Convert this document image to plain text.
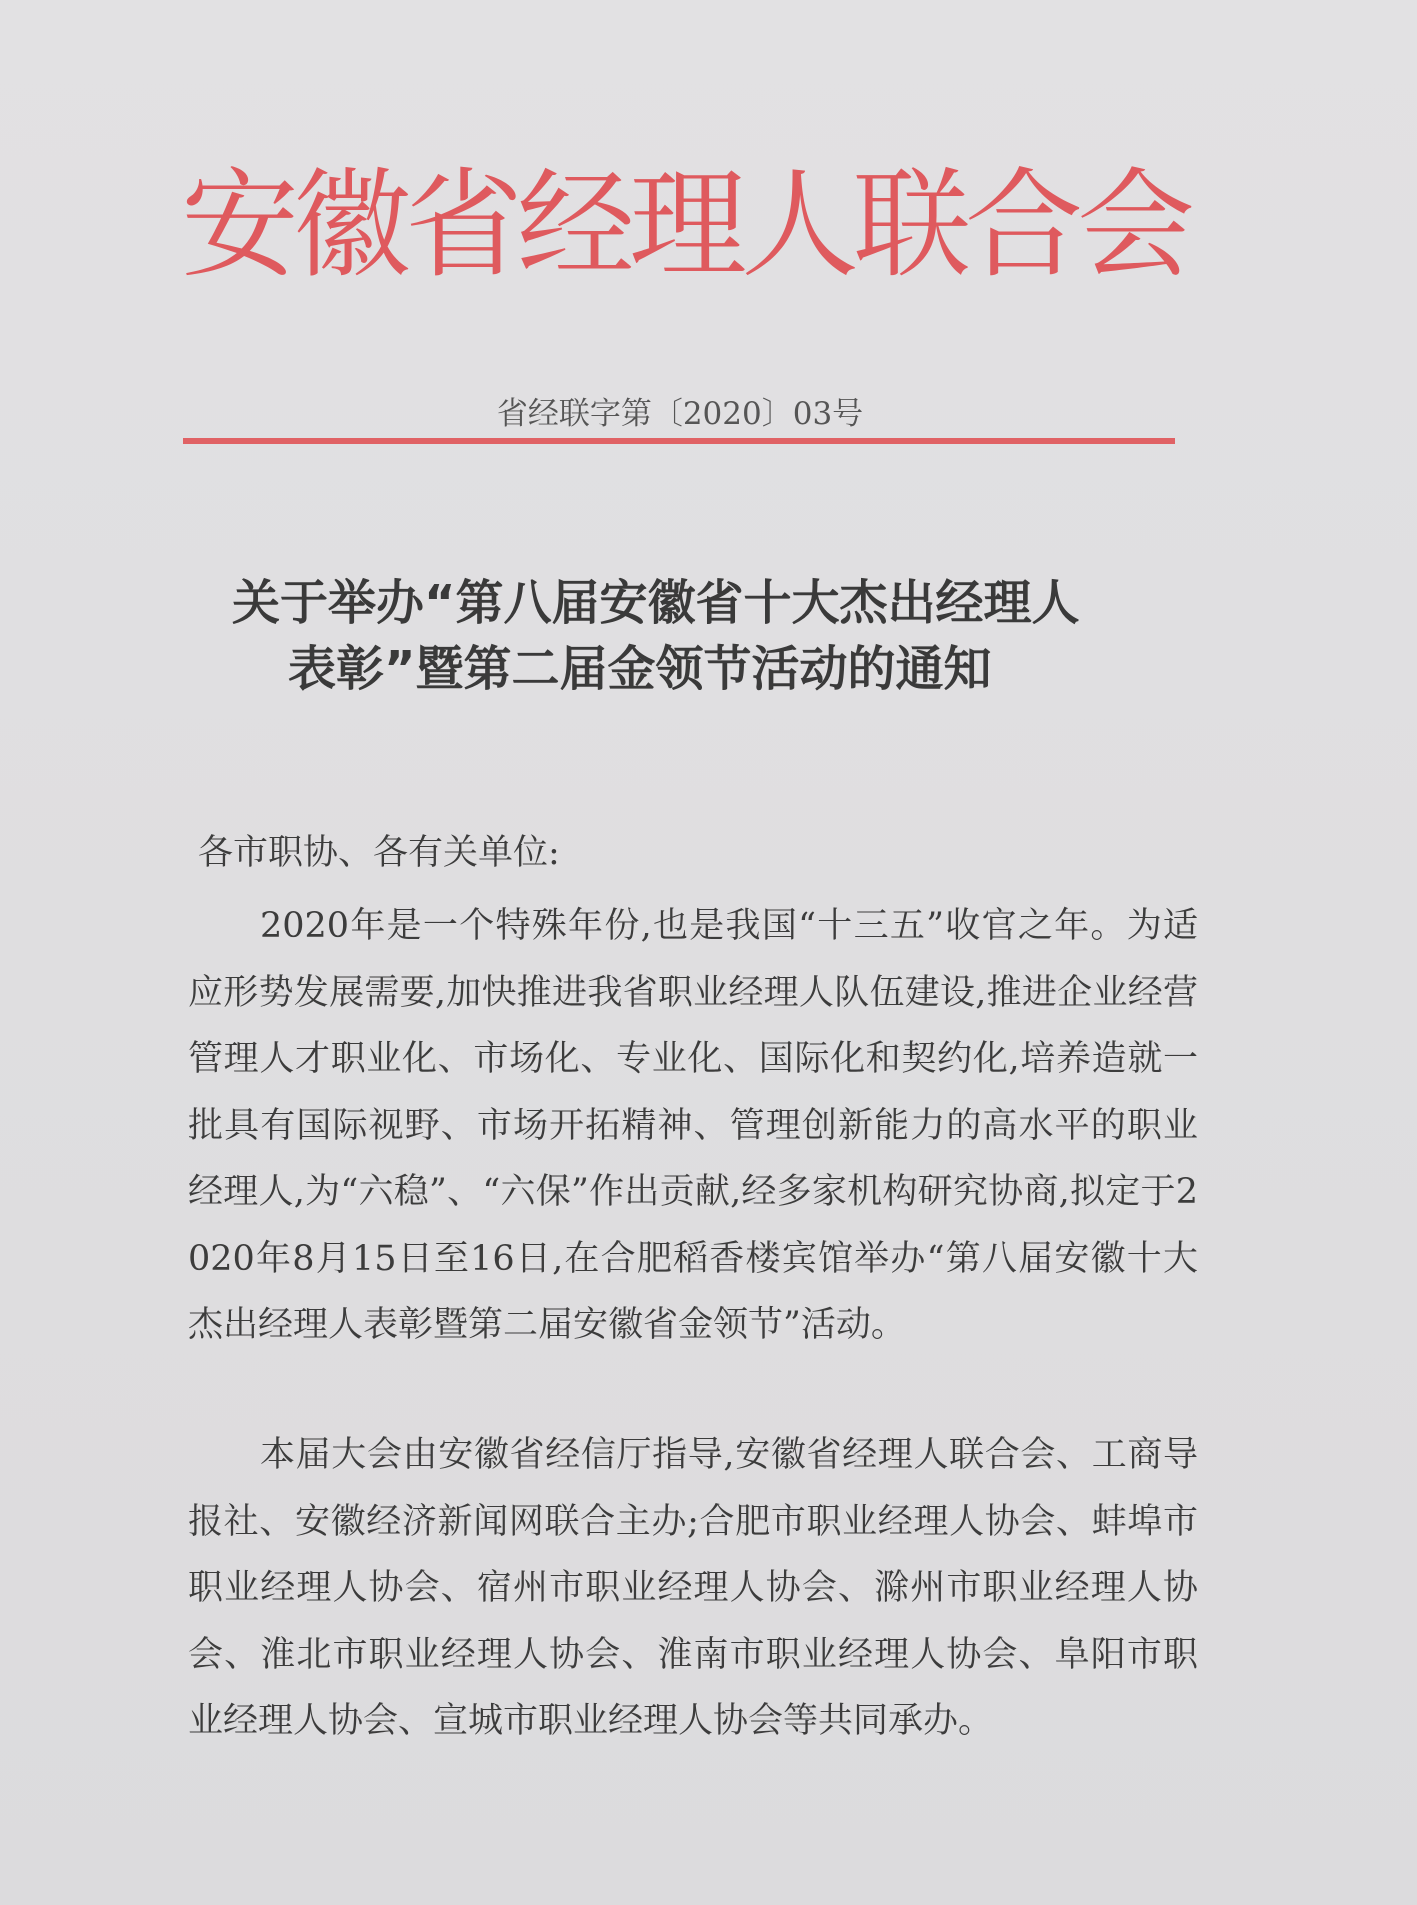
安徽省经理人联合会
省经联字第〔2020〕03号
关于举办“第八届安徽省十大杰出经理人
表彰”暨第二届金领节活动的通知
各市职协、各有关单位:
2020年是一个特殊年份,也是我国“十三五”收官之年。为适应形势发展需要,加快推进我省职业经理人队伍建设,推进企业经营管理人才职业化、市场化、专业化、国际化和契约化,培养造就一批具有国际视野、市场开拓精神、管理创新能力的高水平的职业经理人,为“六稳”、“六保”作出贡献,经多家机构研究协商,拟定于2020年8月15日至16日,在合肥稻香楼宾馆举办“第八届安徽十大杰出经理人表彰暨第二届安徽省金领节”活动。
本届大会由安徽省经信厅指导,安徽省经理人联合会、工商导报社、安徽经济新闻网联合主办;合肥市职业经理人协会、蚌埠市职业经理人协会、宿州市职业经理人协会、滁州市职业经理人协会、淮北市职业经理人协会、淮南市职业经理人协会、阜阳市职业经理人协会、宣城市职业经理人协会等共同承办。
